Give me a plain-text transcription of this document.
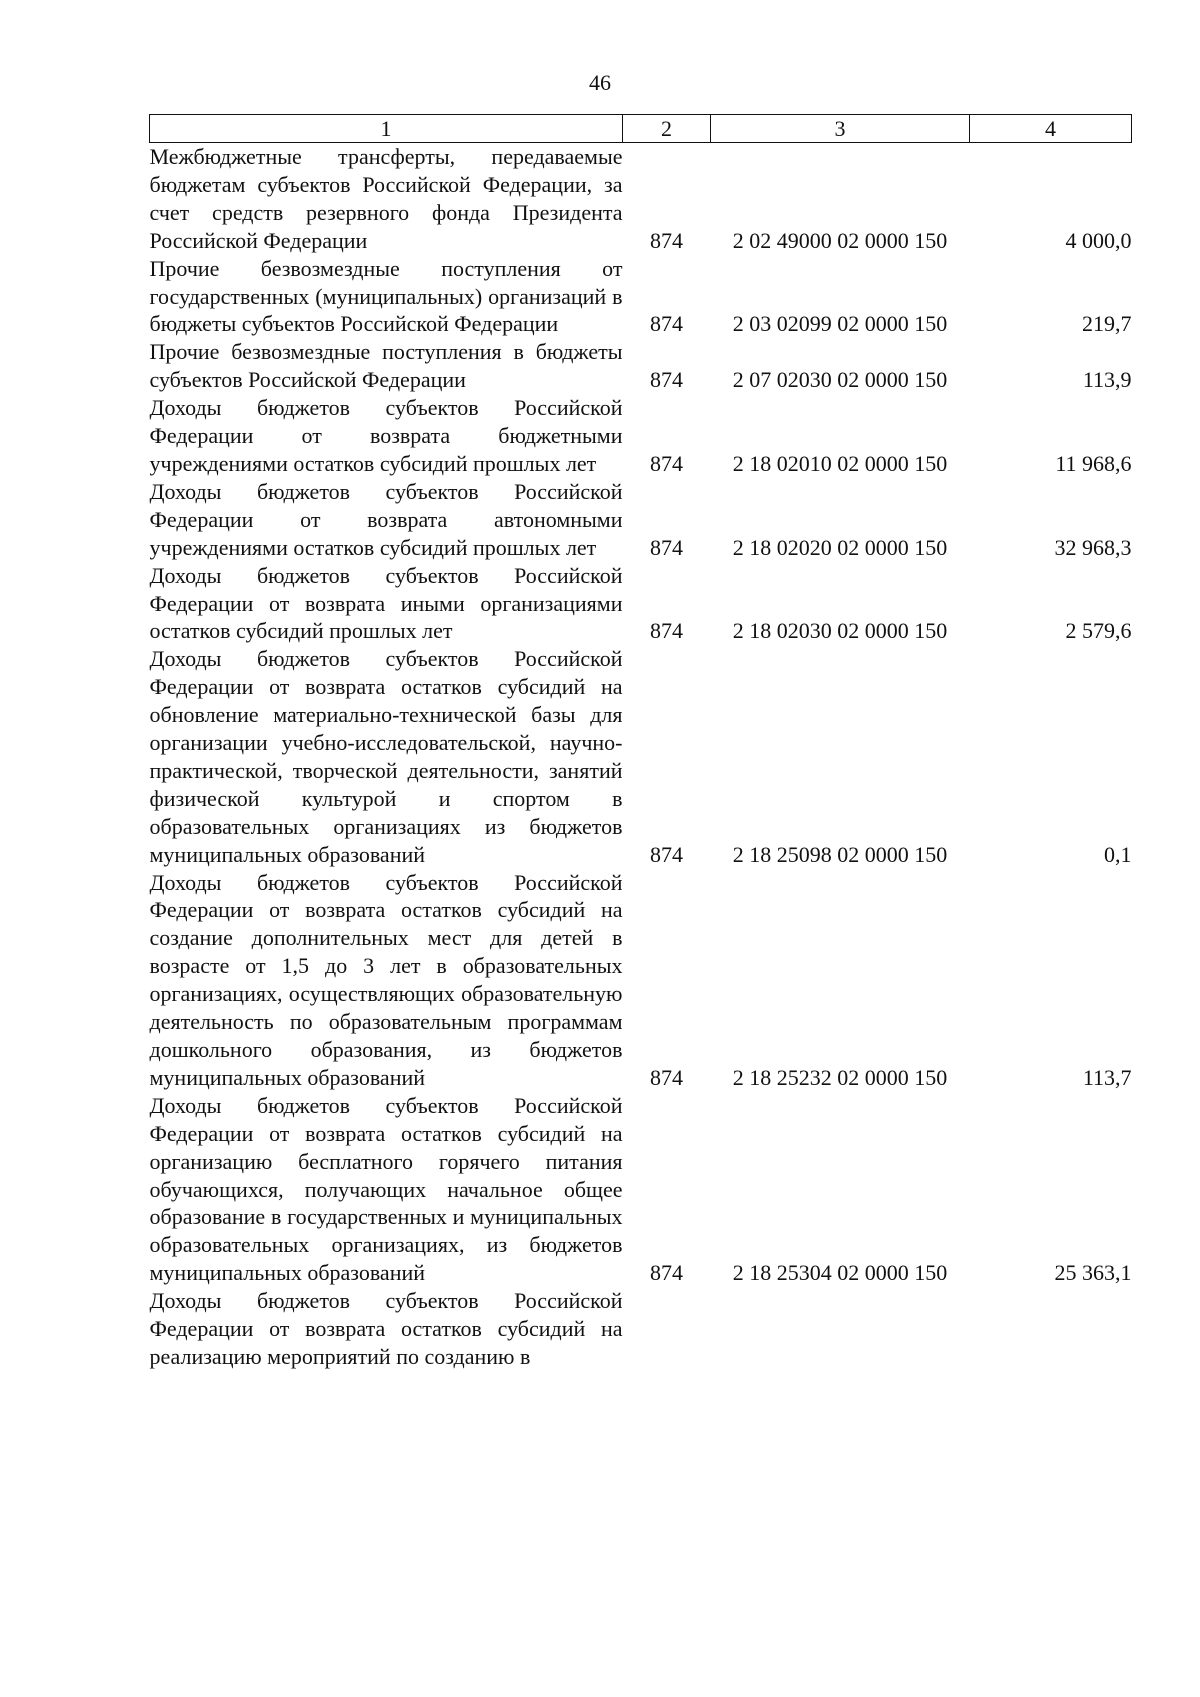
46
1	2	3	4
Межбюджетные трансферты, передаваемые бюджетам субъектов Российской Федерации, за счет средств резервного фонда Президента Российской Федерации	874	2 02 49000 02 0000 150	4 000,0
Прочие безвозмездные поступления от государственных (муниципальных) организаций в бюджеты субъектов Российской Федерации	874	2 03 02099 02 0000 150	219,7
Прочие безвозмездные поступления в бюджеты субъектов Российской Федерации	874	2 07 02030 02 0000 150	113,9
Доходы бюджетов субъектов Российской Федерации от возврата бюджетными учреждениями остатков субсидий прошлых лет	874	2 18 02010 02 0000 150	11 968,6
Доходы бюджетов субъектов Российской Федерации от возврата автономными учреждениями остатков субсидий прошлых лет	874	2 18 02020 02 0000 150	32 968,3
Доходы бюджетов субъектов Российской Федерации от возврата иными организациями остатков субсидий прошлых лет	874	2 18 02030 02 0000 150	2 579,6
Доходы бюджетов субъектов Российской Федерации от возврата остатков субсидий на обновление материально-технической базы для организации учебно-исследовательской, научно-практической, творческой деятельности, занятий физической культурой и спортом в образовательных организациях из бюджетов муниципальных образований	874	2 18 25098 02 0000 150	0,1
Доходы бюджетов субъектов Российской Федерации от возврата остатков субсидий на создание дополнительных мест для детей в возрасте от 1,5 до 3 лет в образовательных организациях, осуществляющих образовательную деятельность по образовательным программам дошкольного образования, из бюджетов муниципальных образований	874	2 18 25232 02 0000 150	113,7
Доходы бюджетов субъектов Российской Федерации от возврата остатков субсидий на организацию бесплатного горячего питания обучающихся, получающих начальное общее образование в государственных и муниципальных образовательных организациях, из бюджетов муниципальных образований	874	2 18 25304 02 0000 150	25 363,1
Доходы бюджетов субъектов Российской Федерации от возврата остатков субсидий на реализацию мероприятий по созданию в			
